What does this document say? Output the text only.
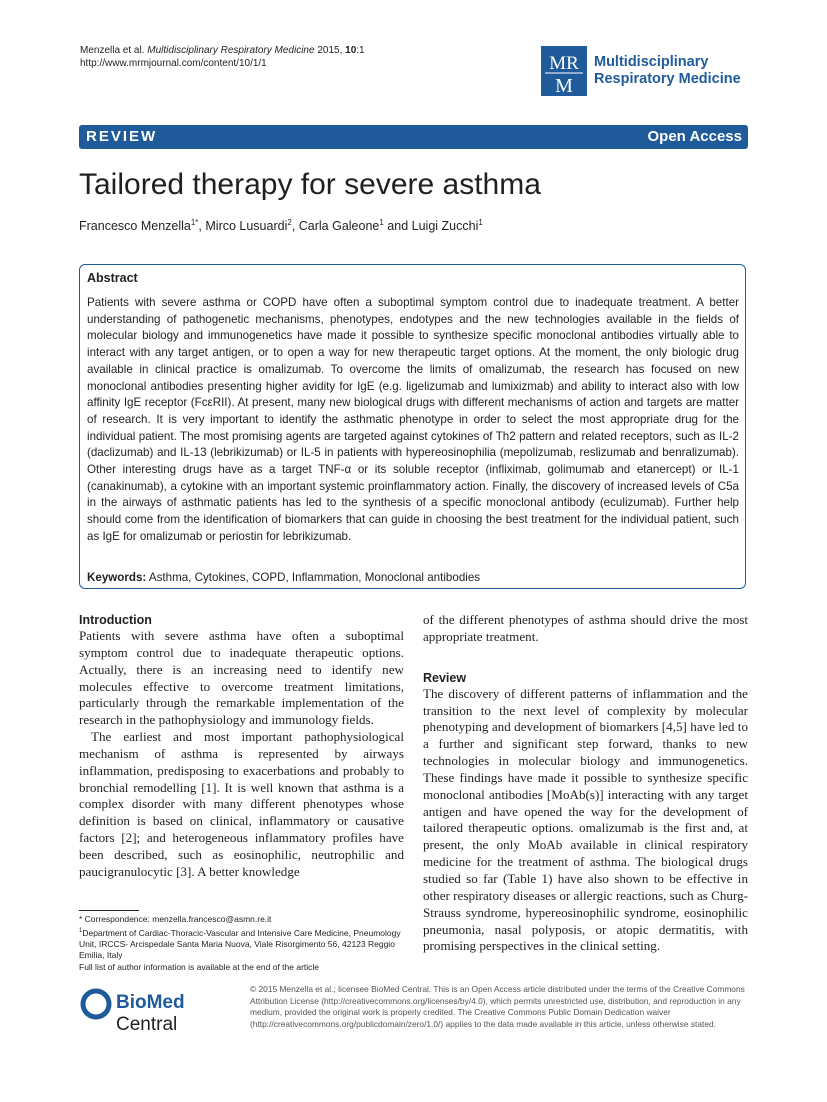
Menzella et al. Multidisciplinary Respiratory Medicine 2015, 10:1
http://www.mrmjournal.com/content/10/1/1	MR
M
Multidisciplinary
Respiratory Medicine
REVIEW	Open Access
Tailored therapy for severe asthma
Francesco Menzella$^{1*}$, Mirco Lusuardi$^2$, Carla Galeone$^1$ and Luigi Zucchi$^1$
Abstract

Patients with severe asthma or COPD have often a suboptimal symptom control due to inadequate treatment. A better understanding of pathogenetic mechanisms, phenotypes, endotypes and the new technologies available in the fields of molecular biology and immunogenetics have made it possible to synthesize specific monoclonal antibodies virtually able to interact with any target antigen, or to open a way for new therapeutic target options. At the moment, the only biologic drug available in clinical practice is omalizumab. To overcome the limits of omalizumab, the research has focused on new monoclonal antibodies presenting higher avidity for IgE (e.g. ligelizumab and lumixizmab) and ability to interact also with low affinity IgE receptor (FcεRII). At present, many new biological drugs with different mechanisms of action and targets are matter of research. It is very important to identify the asthmatic phenotype in order to select the most appropriate drug for the individual patient. The most promising agents are targeted against cytokines of Th2 pattern and related receptors, such as IL-2 (daclizumab) and IL-13 (lebrikizumab) or IL-5 in patients with hypereosinophilia (mepolizumab, reslizumab and benralizumab). Other interesting drugs have as a target TNF-α or its soluble receptor (infliximab, golimumab and etanercept) or IL-1 (canakinumab), a cytokine with an important systemic proinflammatory action. Finally, the discovery of increased levels of C5a in the airways of asthmatic patients has led to the synthesis of a specific monoclonal antibody (eculizumab). Further help should come from the identification of biomarkers that can guide in choosing the best treatment for the individual patient, such as IgE for omalizumab or periostin for lebrikizumab.

Keywords: Asthma, Cytokines, COPD, Inflammation, Monoclonal antibodies
Introduction

Patients with severe asthma have often a suboptimal symptom control due to inadequate therapeutic options. Actually, there is an increasing need to identify new molecules effective to overcome treatment limitations, particularly through the remarkable implementation of the research in the pathophysiology and immunology fields.

The earliest and most important pathophysiological mechanism of asthma is represented by airways inflammation, predisposing to exacerbations and probably to bronchial remodelling [1]. It is well known that asthma is a complex disorder with many different phenotypes whose definition is based on clinical, inflammatory or causative factors [2]; and heterogeneous inflammatory profiles have been described, such as eosinophilic, neutrophilic and paucigranulocytic [3]. A better knowledge

of the different phenotypes of asthma should drive the most appropriate treatment.

Review

The discovery of different patterns of inflammation and the transition to the next level of complexity by molecular phenotyping and development of biomarkers [4,5] have led to a further and significant step forward, thanks to new technologies in molecular biology and immunogenetics. These findings have made it possible to synthesize specific monoclonal antibodies [MoAb(s)] interacting with any target antigen and have opened the way for the development of tailored therapeutic options. omalizumab is the first and, at present, the only MoAb available in clinical respiratory medicine for the treatment of asthma. The biological drugs studied so far (Table 1) have also shown to be effective in other respiratory diseases or allergic reactions, such as Churg-Strauss syndrome, hypereosinophilic syndrome, eosinophilic pneumonia, nasal polyposis, or atopic dermatitis, with promising perspectives in the clinical setting.

* Correspondence: menzella.francesco@asmn.re.it
$^1$Department of Cardiac-Thoracic-Vascular and Intensive Care Medicine, Pneumology Unit, IRCCS- Arcispedale Santa Maria Nuova, Viale Risorgimento 56, 42123 Reggio Emilia, Italy
Full list of author information is available at the end of the article
BioMed Central
© 2015 Menzella et al.; licensee BioMed Central. This is an Open Access article distributed under the terms of the Creative Commons Attribution License (http://creativecommons.org/licenses/by/4.0), which permits unrestricted use, distribution, and reproduction in any medium, provided the original work is properly credited. The Creative Commons Public Domain Dedication waiver (http://creativecommons.org/publicdomain/zero/1.0/) applies to the data made available in this article, unless otherwise stated.
